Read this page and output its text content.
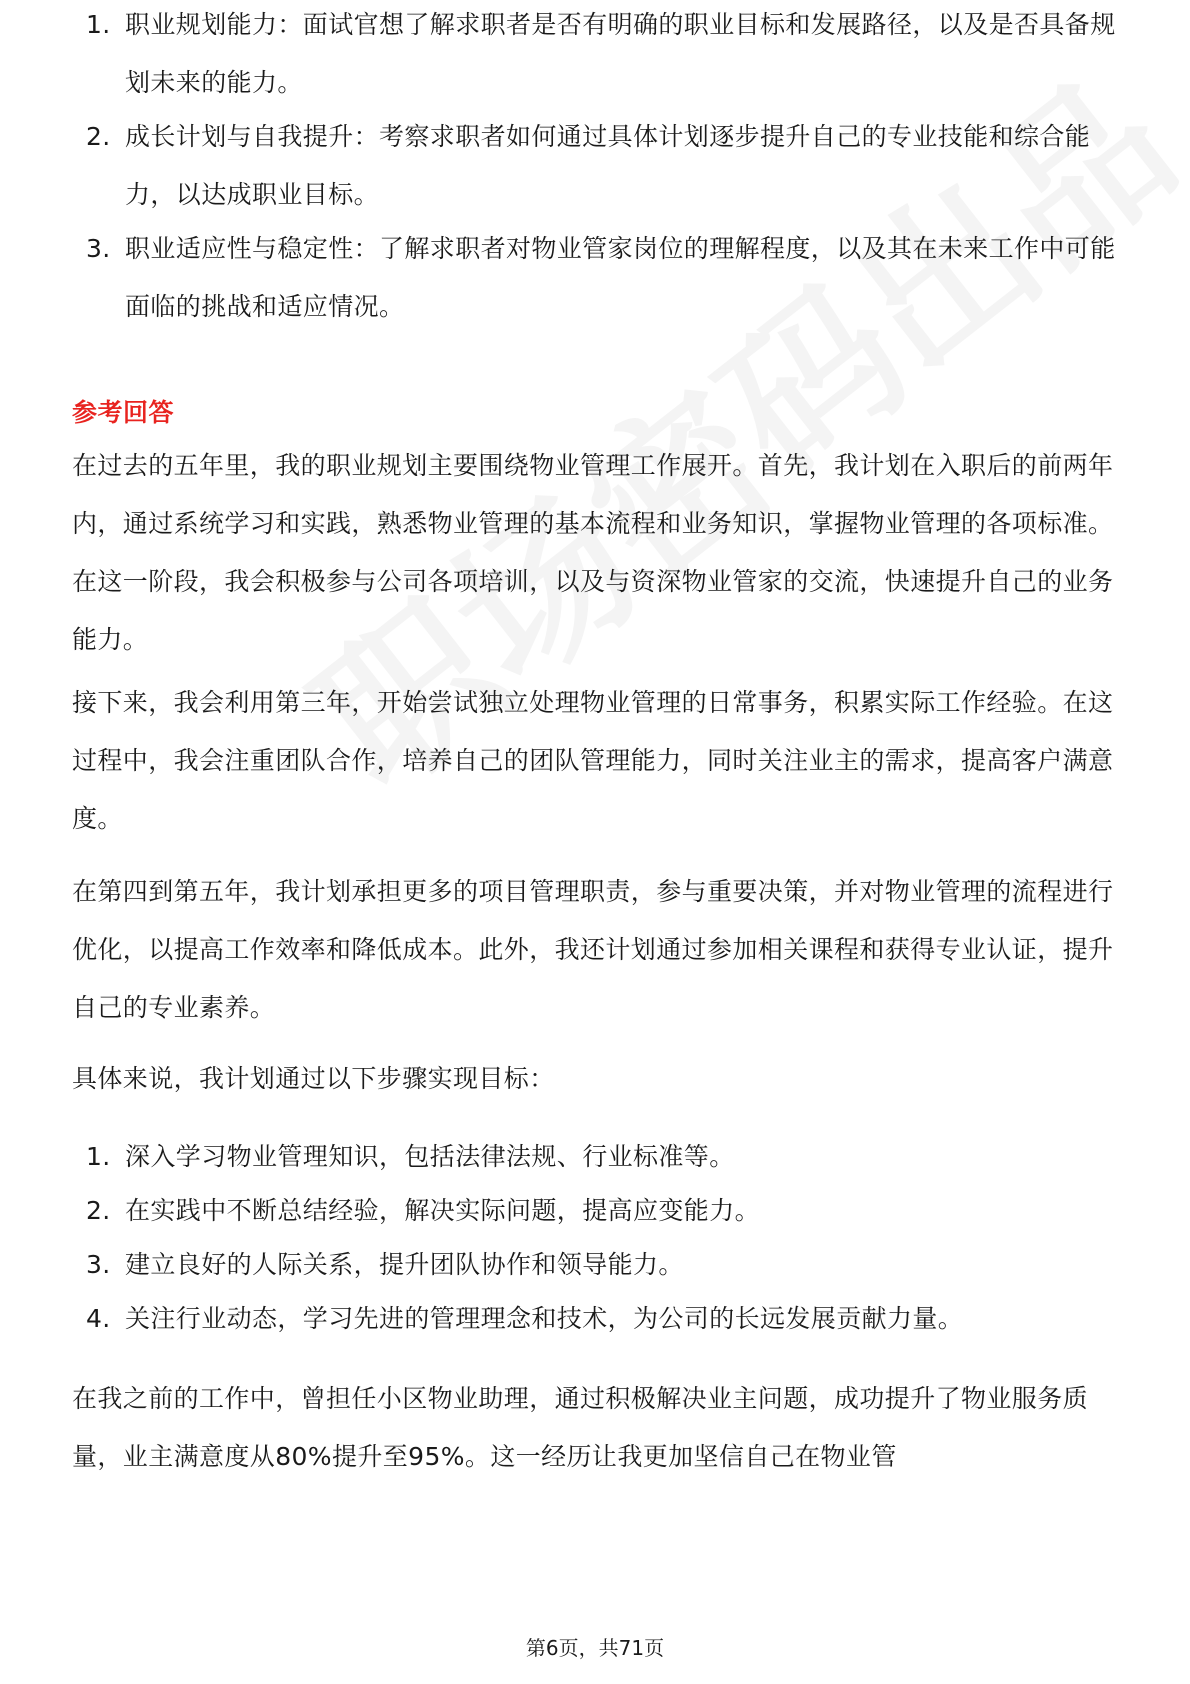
1. 职业规划能力：面试官想了解求职者是否有明确的职业目标和发展路径，以及是否具备规划未来的能力。
2. 成长计划与自我提升：考察求职者如何通过具体计划逐步提升自己的专业技能和综合能力，以达成职业目标。
3. 职业适应性与稳定性：了解求职者对物业管家岗位的理解程度，以及其在未来工作中可能面临的挑战和适应情况。
参考回答

在过去的五年里，我的职业规划主要围绕物业管理工作展开。首先，我计划在入职后的前两年内，通过系统学习和实践，熟悉物业管理的基本流程和业务知识，掌握物业管理的各项标准。在这一阶段，我会积极参与公司各项培训，以及与资深物业管家的交流，快速提升自己的业务能力。

接下来，我会利用第三年，开始尝试独立处理物业管理的日常事务，积累实际工作经验。在这过程中，我会注重团队合作，培养自己的团队管理能力，同时关注业主的需求，提高客户满意度。

在第四到第五年，我计划承担更多的项目管理职责，参与重要决策，并对物业管理的流程进行优化，以提高工作效率和降低成本。此外，我还计划通过参加相关课程和获得专业认证，提升自己的专业素养。

具体来说，我计划通过以下步骤实现目标：

1. 深入学习物业管理知识，包括法律法规、行业标准等。
2. 在实践中不断总结经验，解决实际问题，提高应变能力。
3. 建立良好的人际关系，提升团队协作和领导能力。
4. 关注行业动态，学习先进的管理理念和技术，为公司的长远发展贡献力量。

在我之前的工作中，曾担任小区物业助理，通过积极解决业主问题，成功提升了物业服务质量，业主满意度从80%提升至95%。这一经历让我更加坚信自己在物业管

第6页，共71页
